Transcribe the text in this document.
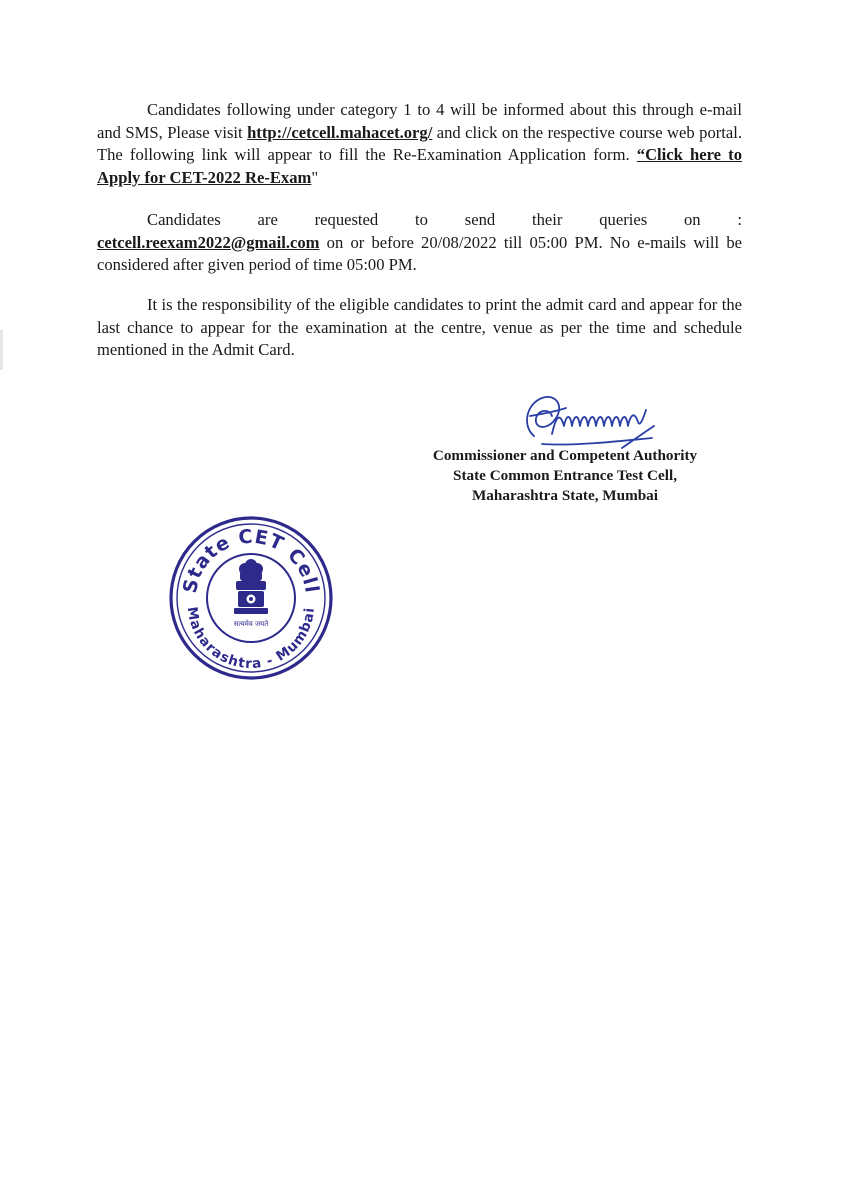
Candidates following under category 1 to 4 will be informed about this through e-mail and SMS, Please visit http://cetcell.mahacet.org/ and click on the respective course web portal. The following link will appear to fill the Re-Examination Application form. “Click here to Apply for CET-2022 Re-Exam"

Candidates are requested to send their queries on :
cetcell.reexam2022@gmail.com on or before 20/08/2022 till 05:00 PM. No e-mails will be considered after given period of time 05:00 PM.

It is the responsibility of the eligible candidates to print the admit card and appear for the last chance to appear for the examination at the centre, venue as per the time and schedule mentioned in the Admit Card.

Commissioner and Competent Authority
State Common Entrance Test Cell,
Maharashtra State, Mumbai
State CET Cell
Maharashtra - Mumbai
सत्यमेव जयते
